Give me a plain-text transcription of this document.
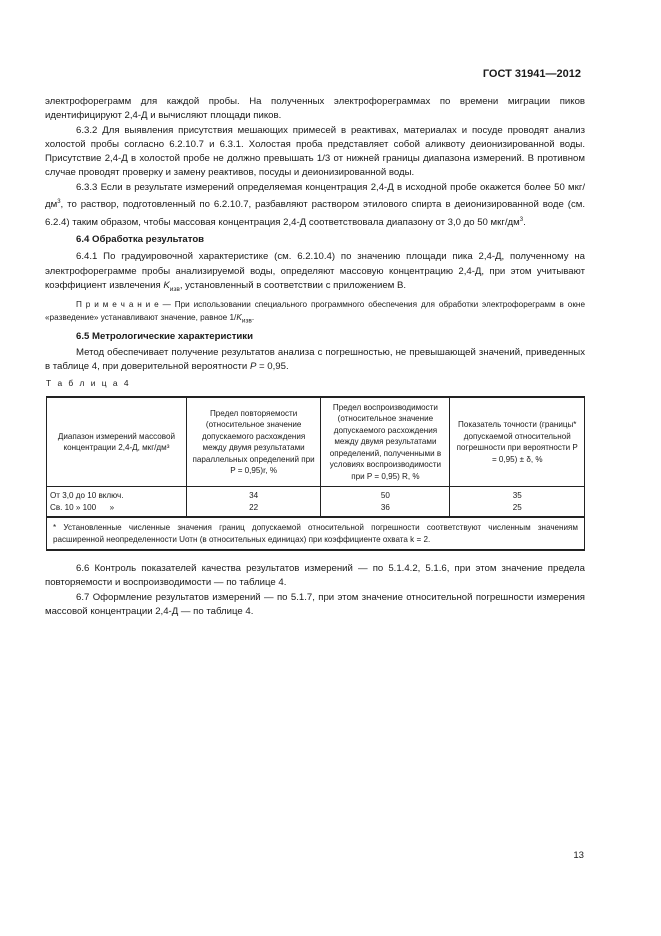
ГОСТ 31941—2012

электрофореграмм для каждой пробы. На полученных электрофореграммах по времени миграции пиков идентифицируют 2,4-Д и вычисляют площади пиков.

6.3.2 Для выявления присутствия мешающих примесей в реактивах, материалах и посуде проводят анализ холостой пробы согласно 6.2.10.7 и 6.3.1. Холостая проба представляет собой аликвоту деионизированной воды. Присутствие 2,4-Д в холостой пробе не должно превышать 1/3 от нижней границы диапазона измерений. В противном случае проводят проверку и замену реактивов, посуды и деионизированной воды.

6.3.3 Если в результате измерений определяемая концентрация 2,4-Д в исходной пробе окажется более 50 мкг/$дм^3$, то раствор, подготовленный по 6.2.10.7, разбавляют раствором этилового спирта в деионизированной воде (см. 6.2.4) таким образом, чтобы массовая концентрация 2,4-Д соответствовала диапазону от 3,0 до 50 мкг/$дм^3$.

6.4 Обработка результатов

6.4.1 По градуировочной характеристике (см. 6.2.10.4) по значению площади пика 2,4-Д, полученному на электрофореграмме пробы анализируемой воды, определяют массовую концентрацию 2,4-Д, при этом учитывают коэффициент извлечения $K_{изв}$, установленный в соответствии с приложением В.

П р и м е ч а н и е — При использовании специального программного обеспечения для обработки электрофореграмм в окне «разведение» устанавливают значение, равное $1/K_{изв}$.

6.5 Метрологические характеристики

Метод обеспечивает получение результатов анализа с погрешностью, не превышающей значений, приведенных в таблице 4, при доверительной вероятности P = 0,95.

Т а б л и ц а 4
Диапазон измерений массовой концентрации 2,4-Д, мкг/дм³	Предел повторяемости (относительное значение допускаемого расхождения между двумя результатами параллельных определений при P = 0,95)r, %	Предел воспроизводимости (относительное значение допускаемого расхождения между двумя результатами определений, полученными в условиях воспроизводимости при P = 0,95) R, %	Показатель точности (границы* допускаемой относительной погрешности при вероятности P = 0,95) ± δ, %
От 3,0 до 10 включ.	34	50	35
Св. 10 » 100      »	22	36	25
* Установленные численные значения границ допускаемой относительной погрешности соответствуют численным значениям расширенной неопределенности Uотн (в относительных единицах) при коэффициенте охвата k = 2.			

6.6 Контроль показателей качества результатов измерений — по 5.1.4.2, 5.1.6, при этом значение предела повторяемости и воспроизводимости — по таблице 4.

6.7 Оформление результатов измерений — по 5.1.7, при этом значение относительной погрешности измерения массовой концентрации 2,4-Д — по таблице 4.

13
